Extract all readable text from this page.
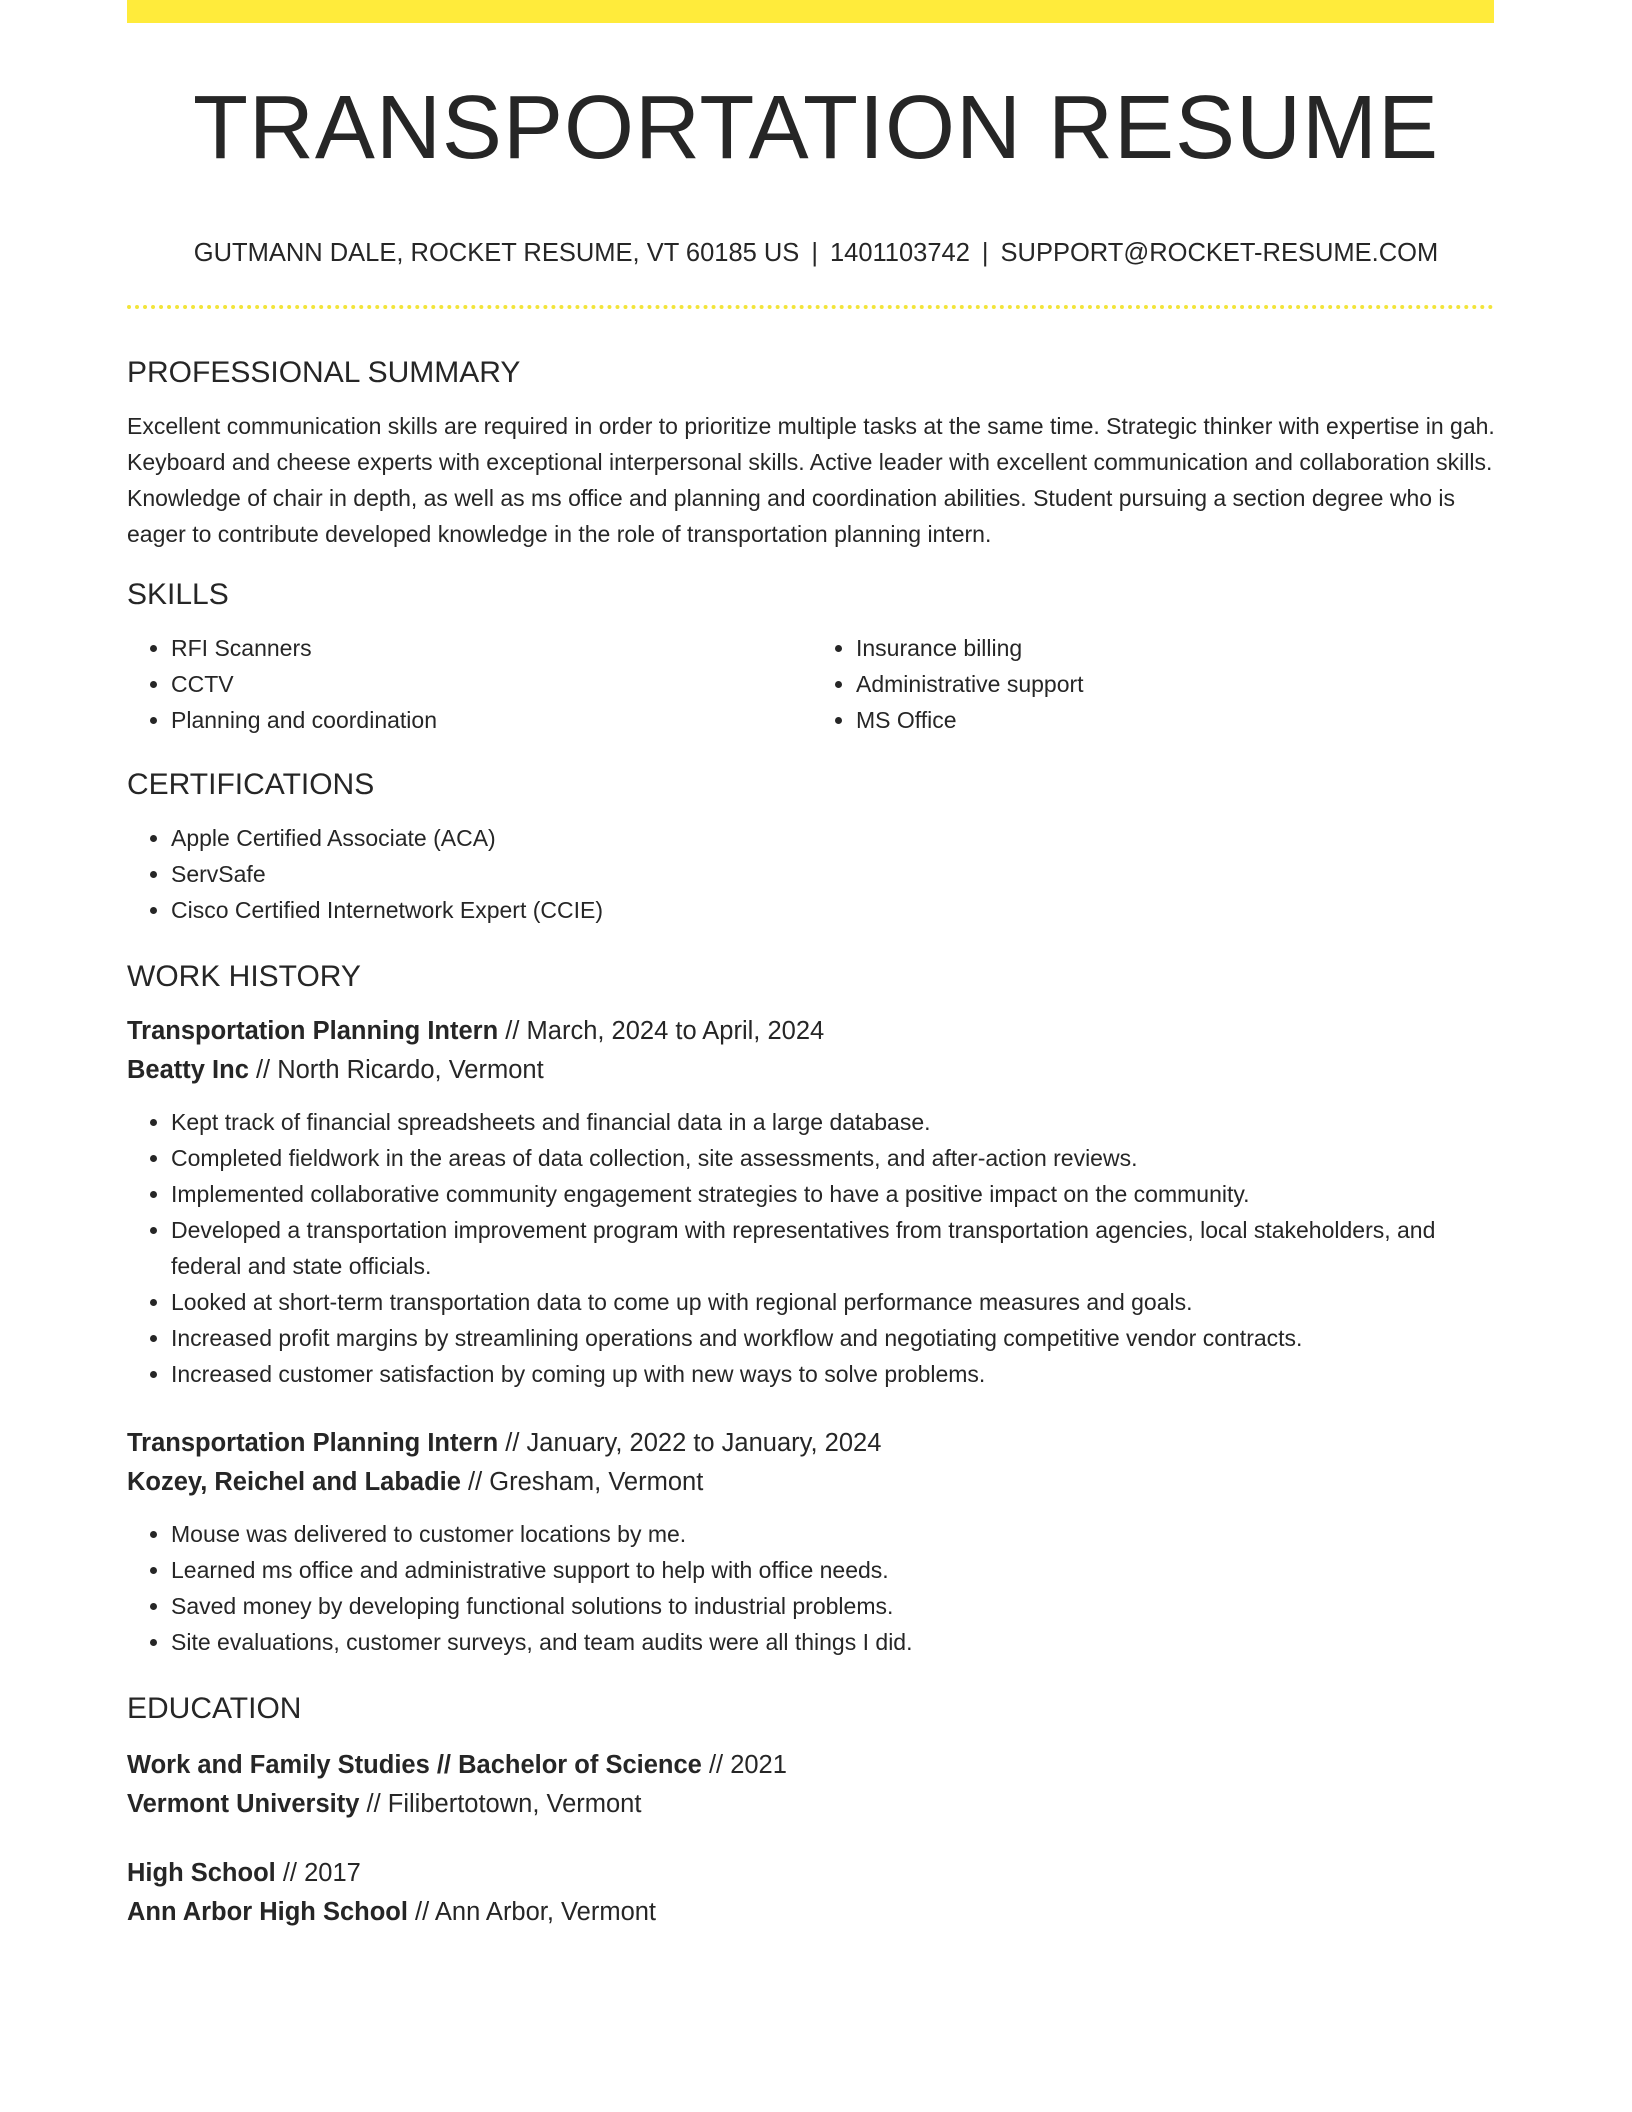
TRANSPORTATION RESUME
GUTMANN DALE, ROCKET RESUME, VT 60185 US | 1401103742 | SUPPORT@ROCKET-RESUME.COM
PROFESSIONAL SUMMARY

Excellent communication skills are required in order to prioritize multiple tasks at the same time. Strategic thinker with expertise in gah. Keyboard and cheese experts with exceptional interpersonal skills. Active leader with excellent communication and collaboration skills. Knowledge of chair in depth, as well as ms office and planning and coordination abilities. Student pursuing a section degree who is eager to contribute developed knowledge in the role of transportation planning intern.

SKILLS
• RFI Scanners
• CCTV
• Planning and coordination
• Insurance billing
• Administrative support
• MS Office
CERTIFICATIONS
• Apple Certified Associate (ACA)
• ServSafe
• Cisco Certified Internetwork Expert (CCIE)
WORK HISTORY
Transportation Planning Intern // March, 2024 to April, 2024
Beatty Inc // North Ricardo, Vermont
• Kept track of financial spreadsheets and financial data in a large database.
• Completed fieldwork in the areas of data collection, site assessments, and after-action reviews.
• Implemented collaborative community engagement strategies to have a positive impact on the community.
• Developed a transportation improvement program with representatives from transportation agencies, local stakeholders, and federal and state officials.
• Looked at short-term transportation data to come up with regional performance measures and goals.
• Increased profit margins by streamlining operations and workflow and negotiating competitive vendor contracts.
• Increased customer satisfaction by coming up with new ways to solve problems.
Transportation Planning Intern // January, 2022 to January, 2024
Kozey, Reichel and Labadie // Gresham, Vermont
• Mouse was delivered to customer locations by me.
• Learned ms office and administrative support to help with office needs.
• Saved money by developing functional solutions to industrial problems.
• Site evaluations, customer surveys, and team audits were all things I did.
EDUCATION
Work and Family Studies // Bachelor of Science // 2021
Vermont University // Filibertotown, Vermont
High School // 2017
Ann Arbor High School // Ann Arbor, Vermont
